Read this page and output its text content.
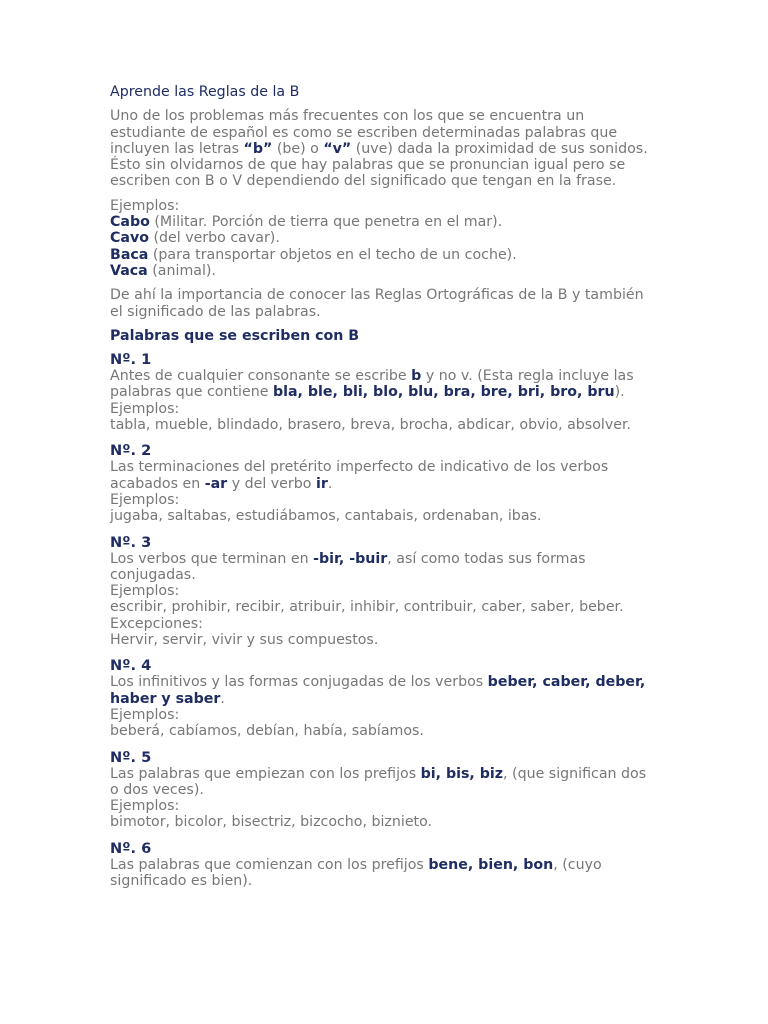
Aprende las Reglas de la B

Uno de los problemas más frecuentes con los que se encuentra un estudiante de español es como se escriben determinadas palabras que incluyen las letras “b” (be) o “v” (uve) dada la proximidad de sus sonidos. Ésto sin olvidarnos de que hay palabras que se pronuncian igual pero se escriben con B o V dependiendo del significado que tengan en la frase.

Ejemplos:
Cabo (Militar. Porción de tierra que penetra en el mar).
Cavo (del verbo cavar).
Baca (para transportar objetos en el techo de un coche).
Vaca (animal).

De ahí la importancia de conocer las Reglas Ortográficas de la B y también el significado de las palabras.

Palabras que se escriben con B
Nº. 1
Antes de cualquier consonante se escribe b y no v. (Esta regla incluye las palabras que contiene bla, ble, bli, blo, blu, bra, bre, bri, bro, bru).
Ejemplos:
tabla, mueble, blindado, brasero, breva, brocha, abdicar, obvio, absolver.
Nº. 2
Las terminaciones del pretérito imperfecto de indicativo de los verbos acabados en -ar y del verbo ir.
Ejemplos:
jugaba, saltabas, estudiábamos, cantabais, ordenaban, ibas.
Nº. 3
Los verbos que terminan en -bir, -buir, así como todas sus formas conjugadas.
Ejemplos:
escribir, prohibir, recibir, atribuir, inhibir, contribuir, caber, saber, beber.
Excepciones:
Hervir, servir, vivir y sus compuestos.
Nº. 4
Los infinitivos y las formas conjugadas de los verbos beber, caber, deber, haber y saber.
Ejemplos:
beberá, cabíamos, debían, había, sabíamos.
Nº. 5
Las palabras que empiezan con los prefijos bi, bis, biz, (que significan dos o dos veces).
Ejemplos:
bimotor, bicolor, bisectriz, bizcocho, biznieto.
Nº. 6
Las palabras que comienzan con los prefijos bene, bien, bon, (cuyo significado es bien).
